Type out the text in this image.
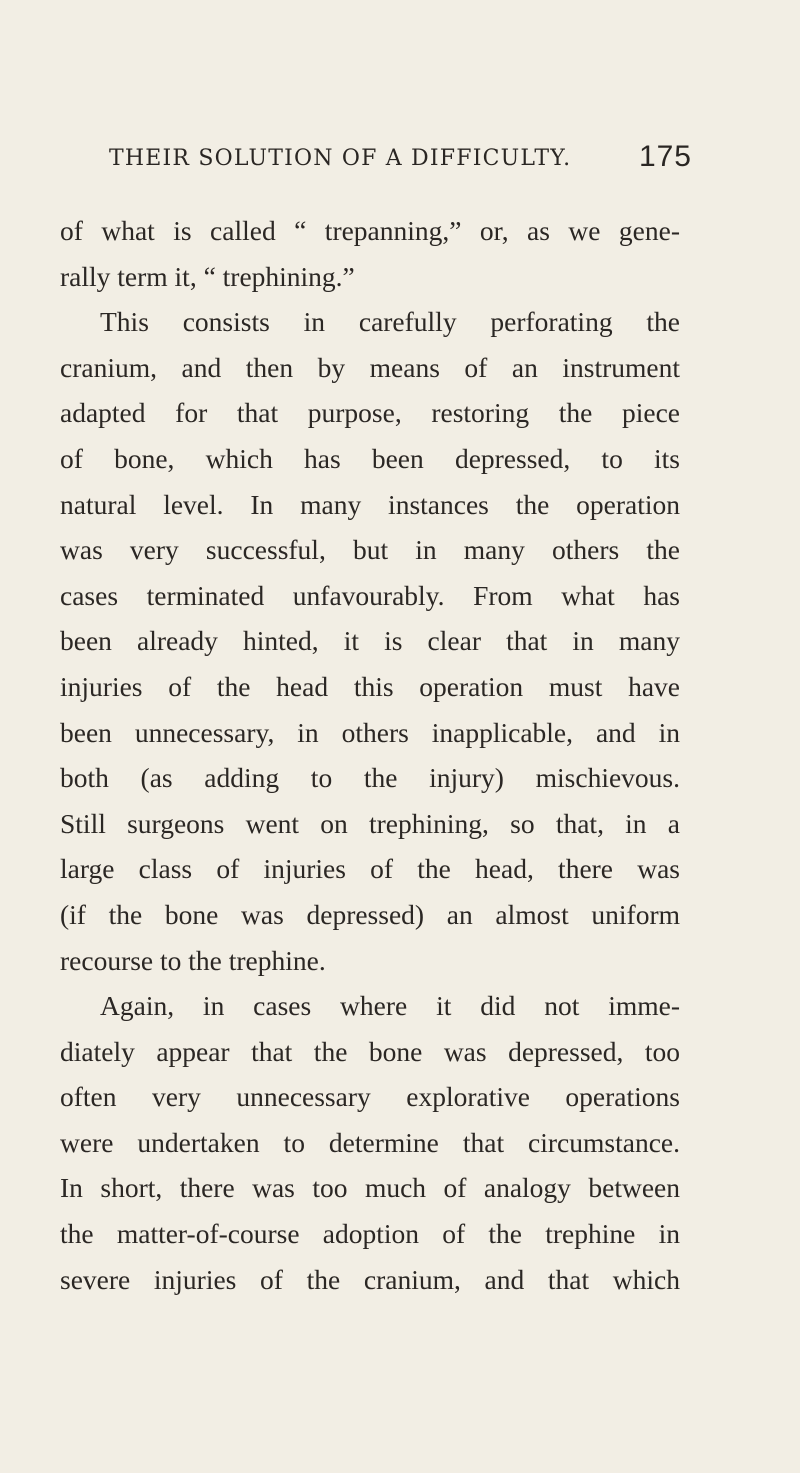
THEIR SOLUTION OF A DIFFICULTY. 175
of what is called “ trepanning,” or, as we gene-
rally term it, “ trephining.”
This consists in carefully perforating the
cranium, and then by means of an instrument
adapted for that purpose, restoring the piece
of bone, which has been depressed, to its
natural level. In many instances the operation
was very successful, but in many others the
cases terminated unfavourably. From what has
been already hinted, it is clear that in many
injuries of the head this operation must have
been unnecessary, in others inapplicable, and in
both (as adding to the injury) mischievous.
Still surgeons went on trephining, so that, in a
large class of injuries of the head, there was
(if the bone was depressed) an almost uniform
recourse to the trephine.
Again, in cases where it did not imme-
diately appear that the bone was depressed, too
often very unnecessary explorative operations
were undertaken to determine that circumstance.
In short, there was too much of analogy between
the matter-of-course adoption of the trephine in
severe injuries of the cranium, and that which
